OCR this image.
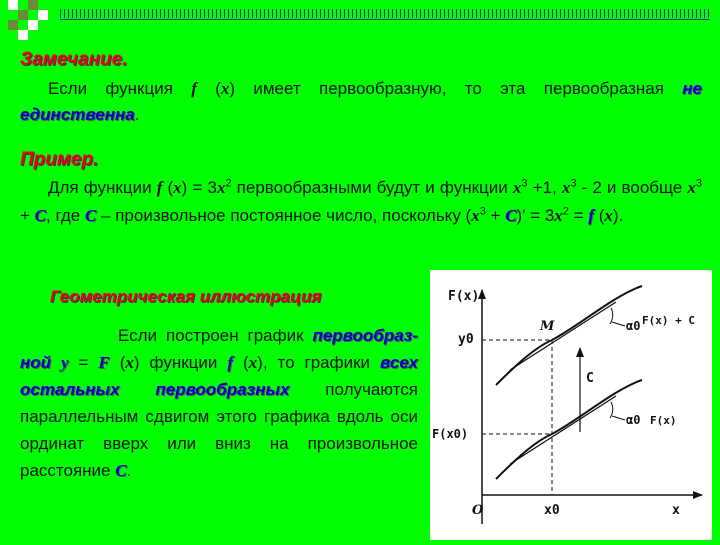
Замечание.
Если функция f (x) имеет первообразную, то эта первообразная не единственна.
Пример.
Для функции f $(x) = 3x^2$ первообразными будут и функции $x^3 +1$, $x^3 - 2$ и вообще $x^3 + C$, где C – произвольное постоянное число, поскольку $(x^3 + C)' = 3x^2 = f$ (x).
Геометрическая иллюстрация
Если построен график первообраз-ной y = F (x) функции f (x), то графики всех остальных первообразных получаются параллельным сдвигом этого графика вдоль оси ординат вверх или вниз на произвольное расстояние C.
F(x)
y0
F(x0)
O	x0	x
M
C
α0
α0
F(x) + C
F(x)
